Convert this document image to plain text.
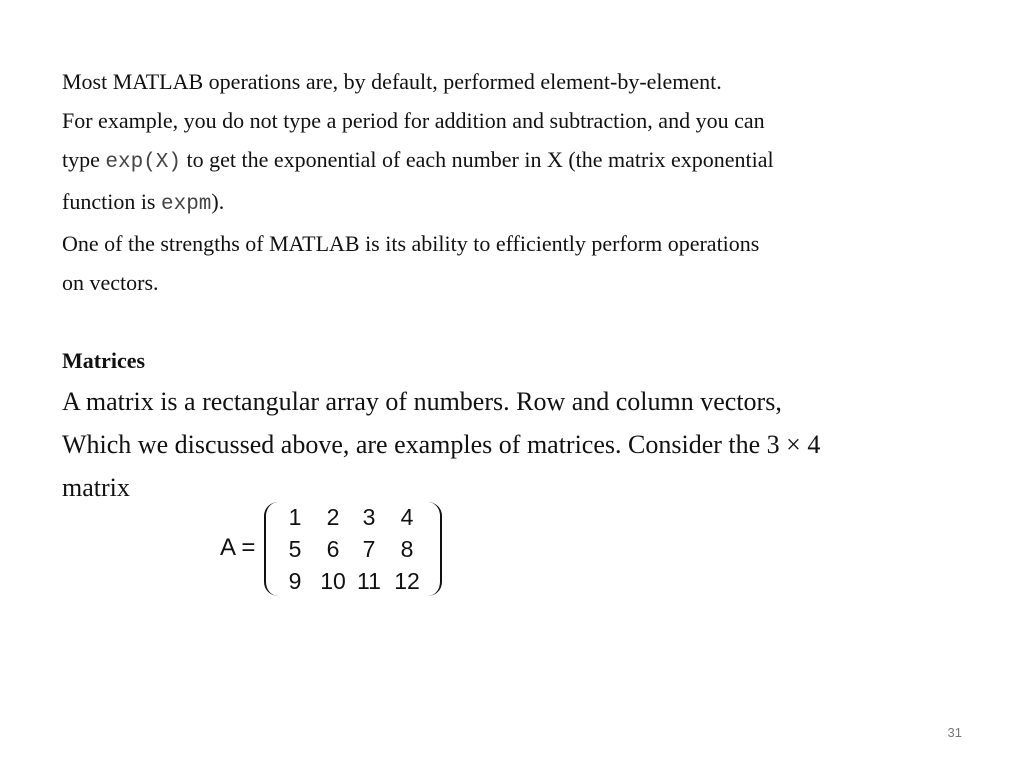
Most MATLAB operations are, by default, performed element-by-element.

For example, you do not type a period for addition and subtraction, and you can

type exp(X) to get the exponential of each number in X (the matrix exponential

function is expm).

One of the strengths of MATLAB is its ability to efficiently perform operations

on vectors.

Matrices

A matrix is a rectangular array of numbers. Row and column vectors,

Which we discussed above, are examples of matrices. Consider the 3 × 4

matrix

A =
1	2	3	4
5	6	7	8
9 10 11 12
31
